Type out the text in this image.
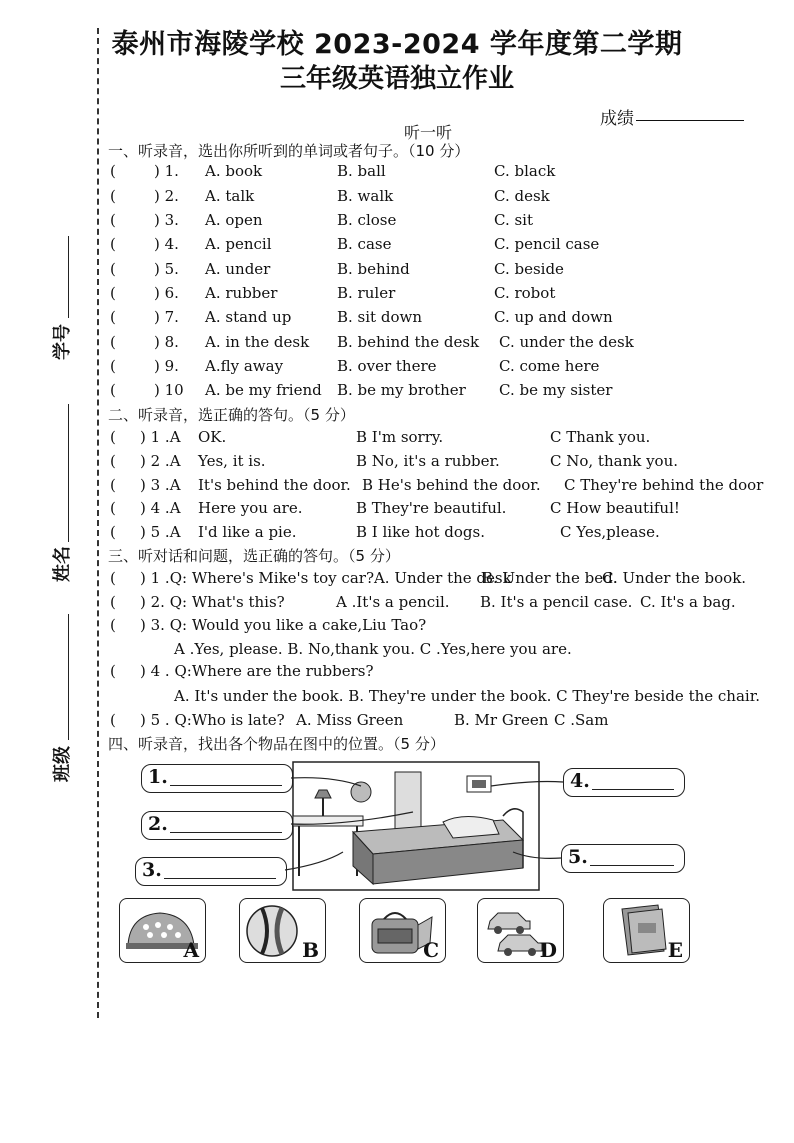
泰州市海陵学校 2023-2024 学年度第二学期
三年级英语独立作业
成绩
听一听
学号
姓名
班级
一、听录音，选出你所听到的单词或者句子。（10 分）
(	) 1. A. book	B. ball	C. black
(	) 2. A. talk	B. walk	C. desk
(	) 3. A. open	B. close	C. sit
(	) 4. A. pencil	B. case	C. pencil case
(	) 5. A. under	B. behind	C. beside
(	) 6. A. rubber	B. ruler	C. robot
(	) 7. A. stand up	B. sit down	C. up and down
(	) 8. A. in the desk B. behind the desk C. under the desk
(	) 9. A.fly away	B. over there	C. come here
(	) 10 A. be my friend B. be my brother C. be my sister
二、听录音，选正确的答句。（5 分）
( ) 1 .A OK.	B I'm sorry.	C Thank you.
( ) 2 .A Yes, it is.	B No, it's a rubber.	C No, thank you.
( ) 3 .A It's behind the door. B He's behind the door. C They're behind the door
( ) 4 .A Here you are.	B They're beautiful.	C How beautiful!
( ) 5 .A I'd like a pie.	B I like hot dogs.	C Yes,please.
三、听对话和问题，选正确的答句。（5 分）
( ) 1 .Q: Where's Mike's toy car?A. Under the desk
B. Under the bed.
C. Under the book.
( ) 2. Q: What's this?	A .It's a pencil. B. It's a pencil case. C. It's a bag.
( ) 3. Q: Would you like a cake,Liu Tao?
A .Yes, please. B. No,thank you. C .Yes,here you are.
( ) 4 . Q:Where are the rubbers?
A. It's under the book. B. They're under the book. C They're beside the chair.
( ) 5 . Q:Who is late? A. Miss Green	B. Mr Green C .Sam
四、听录音，找出各个物品在图中的位置。（5 分）
1.
2.
3.
4.
5.
A	B	C	D	E
